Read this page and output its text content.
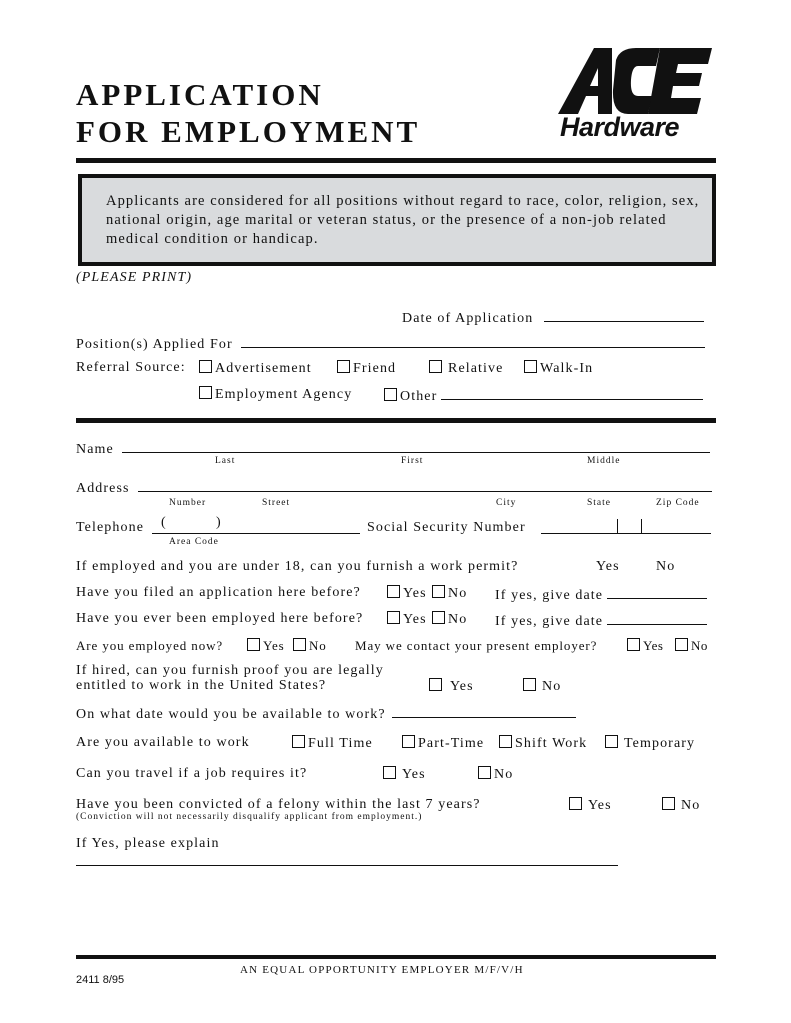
APPLICATION
FOR EMPLOYMENT	Hardware

Applicants are considered for all positions without regard to race, color, religion, sex, national origin, age marital or veteran status, or the presence of a non-job related medical condition or handicap.

(PLEASE PRINT)
Date of Application
Position(s) Applied For
Referral Source:	Advertisement	Friend	Relative	Walk-In
Employment Agency	Other
Name
Last	First	Middle
Address
Number	Street	City	State	Zip Code
Telephone (	)
Area Code
Social Security Number
If employed and you are under 18, can you furnish a work permit?	Yes	No
Have you filed an application here before?	Yes	No If yes, give date
Have you ever been employed here before?	Yes	No If yes, give date
Are you employed now?	Yes	No May we contact your present employer?	Yes	No
If hired, can you furnish proof you are legally
entitled to work in the United States?	Yes	No
On what date would you be available to work?
Are you available to work	Full Time	Part-Time	Shift Work	Temporary
Can you travel if a job requires it?	Yes	No
Have you been convicted of a felony within the last 7 years?
(Conviction will not necessarily disqualify applicant from employment.)
Yes	No
If Yes, please explain
AN EQUAL OPPORTUNITY EMPLOYER M/F/V/H
2411 8/95
